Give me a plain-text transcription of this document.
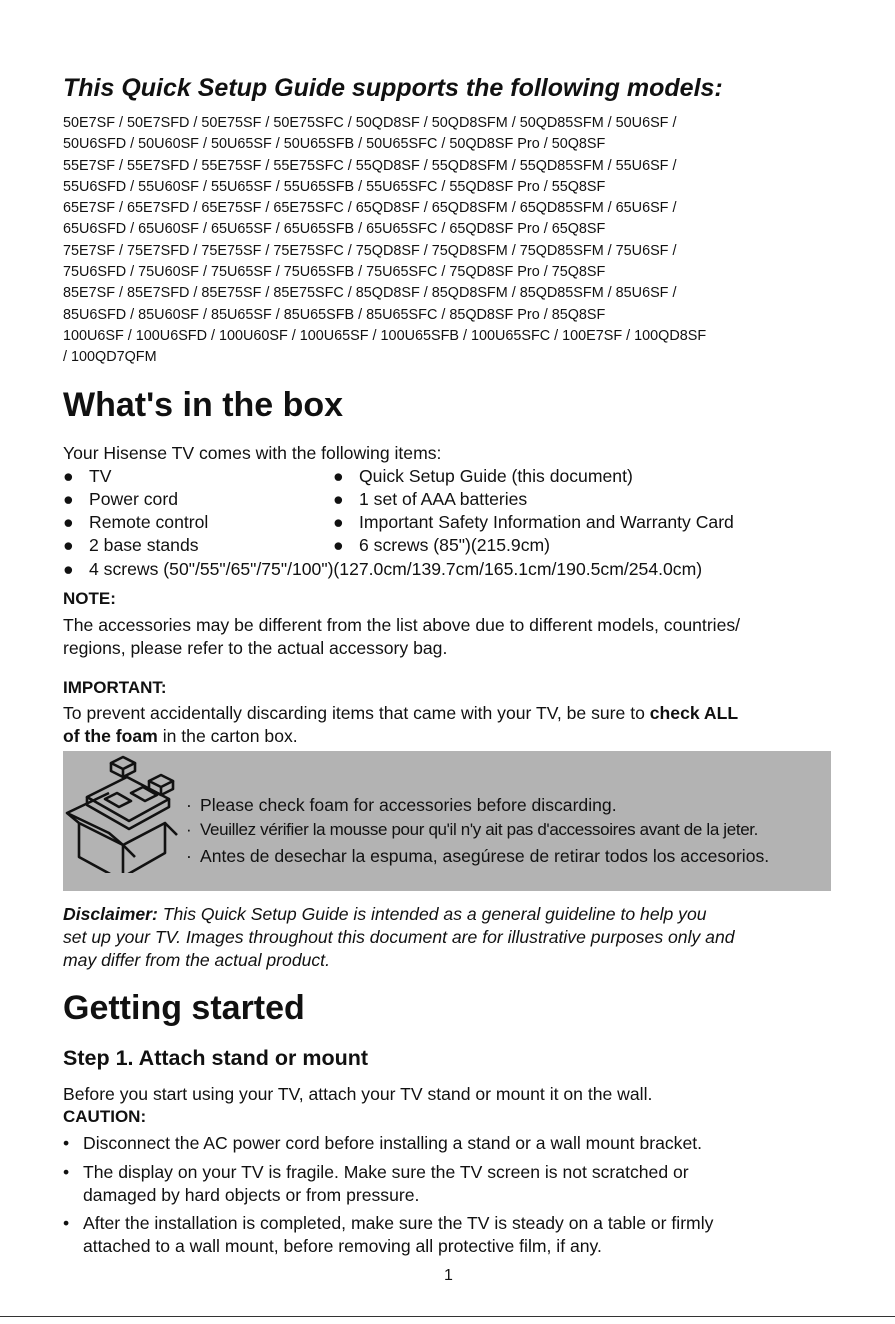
This Quick Setup Guide supports the following models:

50E7SF / 50E7SFD / 50E75SF / 50E75SFC / 50QD8SF / 50QD8SFM / 50QD85SFM / 50U6SF /

50U6SFD / 50U60SF / 50U65SF / 50U65SFB / 50U65SFC / 50QD8SF Pro / 50Q8SF

55E7SF / 55E7SFD / 55E75SF / 55E75SFC / 55QD8SF / 55QD8SFM / 55QD85SFM / 55U6SF /

55U6SFD / 55U60SF / 55U65SF / 55U65SFB / 55U65SFC / 55QD8SF Pro / 55Q8SF

65E7SF / 65E7SFD / 65E75SF / 65E75SFC / 65QD8SF / 65QD8SFM / 65QD85SFM / 65U6SF /

65U6SFD / 65U60SF / 65U65SF / 65U65SFB / 65U65SFC / 65QD8SF Pro / 65Q8SF

75E7SF / 75E7SFD / 75E75SF / 75E75SFC / 75QD8SF / 75QD8SFM / 75QD85SFM / 75U6SF /

75U6SFD / 75U60SF / 75U65SF / 75U65SFB / 75U65SFC / 75QD8SF Pro / 75Q8SF

85E7SF / 85E7SFD / 85E75SF / 85E75SFC / 85QD8SF / 85QD8SFM / 85QD85SFM / 85U6SF /

85U6SFD / 85U60SF / 85U65SF / 85U65SFB / 85U65SFC / 85QD8SF Pro / 85Q8SF

100U6SF / 100U6SFD / 100U60SF / 100U65SF / 100U65SFB / 100U65SFC / 100E7SF / 100QD8SF

/ 100QD7QFM

What's in the box
Your Hisense TV comes with the following items:
● TV	● Quick Setup Guide (this document)
● Power cord	● 1 set of AAA batteries
● Remote control	● Important Safety Information and Warranty Card
● 2 base stands	● 6 screws (85")(215.9cm)
● 4 screws (50"/55"/65"/75"/100")(127.0cm/139.7cm/165.1cm/190.5cm/254.0cm)
NOTE:
The accessories may be different from the list above due to different models, countries/
regions, please refer to the actual accessory bag.
IMPORTANT:
To prevent accidentally discarding items that came with your TV, be sure to check ALL
of the foam in the carton box.
· Please check foam for accessories before discarding.
· Veuillez vérifier la mousse pour qu'il n'y ait pas d'accessoires avant de la jeter.
· Antes de desechar la espuma, asegúrese de retirar todos los accesorios.
Disclaimer: This Quick Setup Guide is intended as a general guideline to help you
set up your TV. Images throughout this document are for illustrative purposes only and
may differ from the actual product.
Getting started
Step 1. Attach stand or mount
Before you start using your TV, attach your TV stand or mount it on the wall.
CAUTION:
• Disconnect the AC power cord before installing a stand or a wall mount bracket.
• The display on your TV is fragile. Make sure the TV screen is not scratched or
damaged by hard objects or from pressure.
• After the installation is completed, make sure the TV is steady on a table or firmly
attached to a wall mount, before removing all protective film, if any.
1
